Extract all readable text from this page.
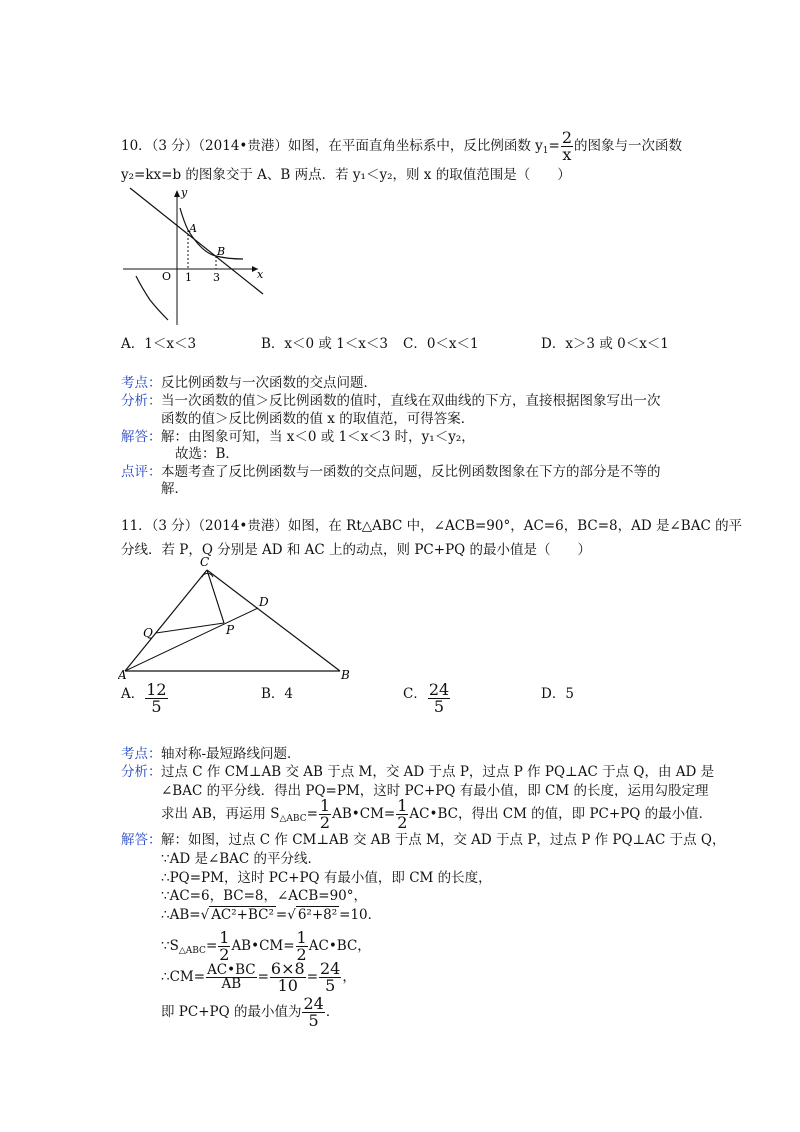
10．（3 分）（2014•贵港）如图，在平面直角坐标系中，反比例函数 $y_1= \frac{2}{x}$ 的图象与一次函数
y₂=kx=b 的图象交于 A、B 两点．若 y₁＜y₂，则 x 的取值范围是（　　）
y
x
O 1 3
A
B
A．1＜x＜3	B．x＜0 或 1＜x＜3 C．0＜x＜1	D．x＞3 或 0＜x＜1
考点： 反比例函数与一次函数的交点问题．
分析： 当一次函数的值＞反比例函数的值时，直线在双曲线的下方，直接根据图象写出一次
函数的值＞反比例函数的值 x 的取值范，可得答案．
解答： 解：由图象可知，当 x＜0 或 1＜x＜3 时，y₁＜y₂，
故选：B．
点评： 本题考查了反比例函数与一函数的交点问题，反比例函数图象在下方的部分是不等的
解．
11．（3 分）（2014•贵港）如图，在 Rt△ABC 中，∠ACB=90°，AC=6，BC=8，AD 是∠BAC 的平
分线．若 P，Q 分别是 AD 和 AC 上的动点，则 PC+PQ 的最小值是（　　）
C
D
Q	P
A	B
A． $\frac{12}{5}$	B．4	C． $\frac{24}{5}$	D．5
考点： 轴对称-最短路线问题．
分析： 过点 C 作 CM⊥AB 交 AB 于点 M，交 AD 于点 P，过点 P 作 PQ⊥AC 于点 Q，由 AD 是
∠BAC 的平分线．得出 PQ=PM，这时 PC+PQ 有最小值，即 CM 的长度，运用勾股定理
求出 AB，再运用 $S_{\triangle ABC}= \frac{1}{2}$ AB•CM= $\frac{1}{2}$ AC•BC，得出 CM 的值，即 PC+PQ 的最小值．
解答： 解：如图，过点 C 作 CM⊥AB 交 AB 于点 M，交 AD 于点 P，过点 P 作 PQ⊥AC 于点 Q，
∵AD 是∠BAC 的平分线．
∴PQ=PM，这时 PC+PQ 有最小值，即 CM 的长度，
∵AC=6，BC=8，∠ACB=90°，
∴AB=√ AC²+BC² =√ 6²+8² =10．
$\because S_{\triangle ABC}= \frac{1}{2}$ AB•CM= $\frac{1}{2}$ AC•BC，
∴CM= $\frac{AC•BC}{AB} = \frac{6\times 8}{10} = \frac{24}{5}$ ，
即 PC+PQ 的最小值为 $\frac{24}{5}$ ．
